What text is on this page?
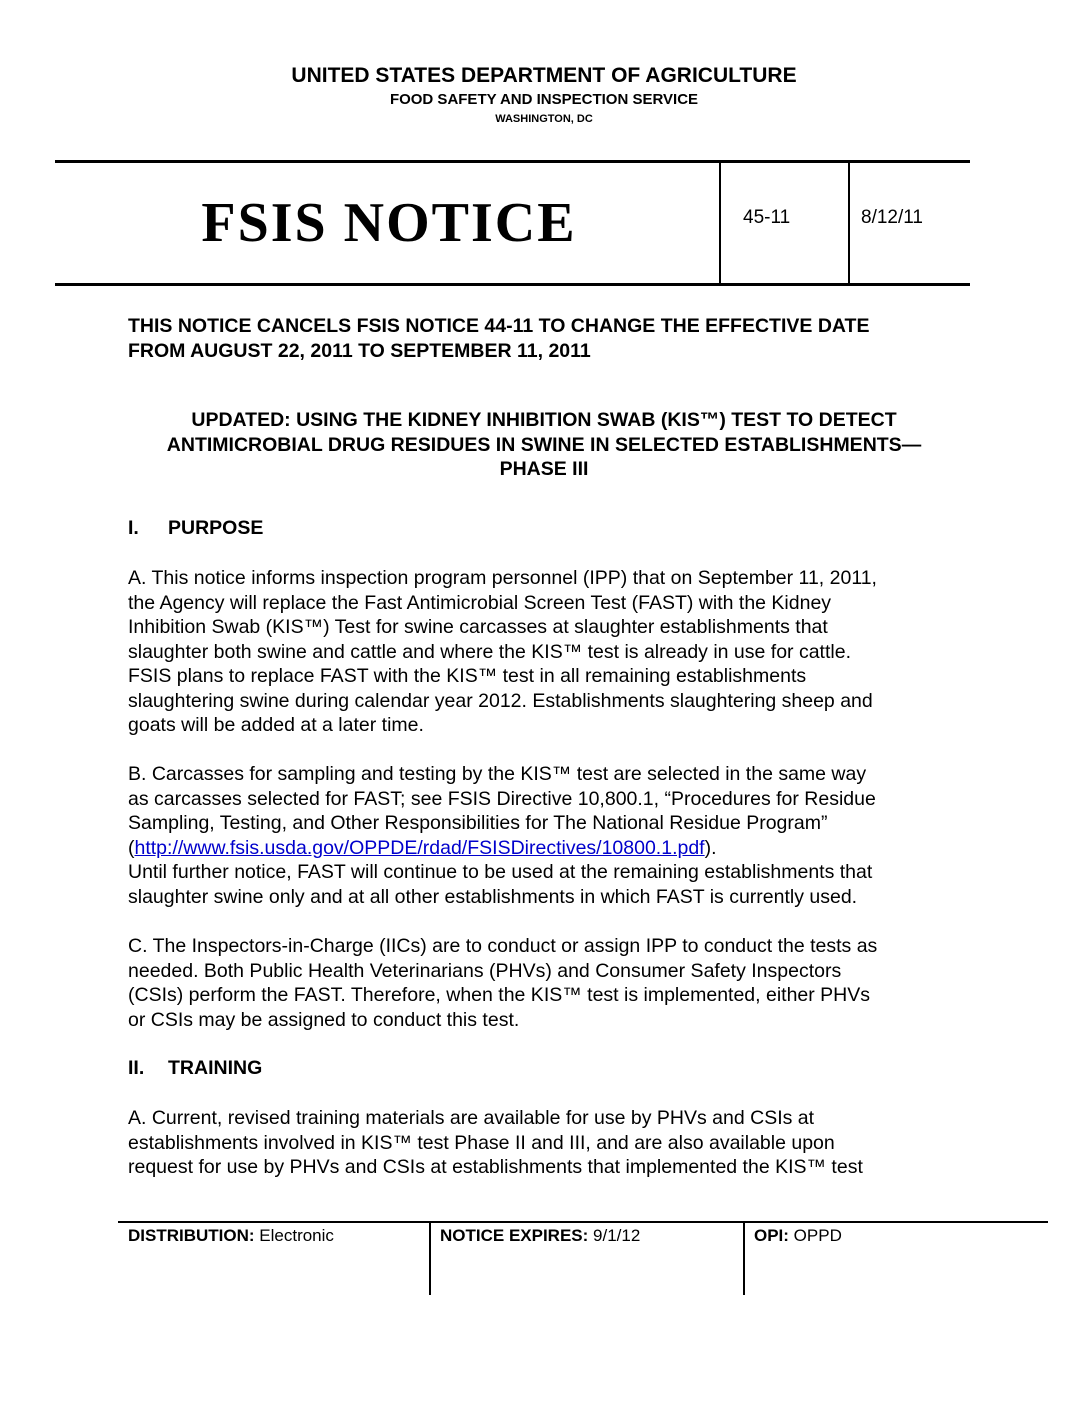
UNITED STATES DEPARTMENT OF AGRICULTURE
FOOD SAFETY AND INSPECTION SERVICE
WASHINGTON, DC
FSIS NOTICE	45-11	8/12/11
THIS NOTICE CANCELS FSIS NOTICE 44-11 TO CHANGE THE EFFECTIVE DATE
FROM AUGUST 22, 2011 TO SEPTEMBER 11, 2011
UPDATED: USING THE KIDNEY INHIBITION SWAB (KIS™) TEST TO DETECT
ANTIMICROBIAL DRUG RESIDUES IN SWINE IN SELECTED ESTABLISHMENTS—
PHASE III
I. PURPOSE
A. This notice informs inspection program personnel (IPP) that on September 11, 2011,
the Agency will replace the Fast Antimicrobial Screen Test (FAST) with the Kidney
Inhibition Swab (KIS™) Test for swine carcasses at slaughter establishments that
slaughter both swine and cattle and where the KIS™ test is already in use for cattle.
FSIS plans to replace FAST with the KIS™ test in all remaining establishments
slaughtering swine during calendar year 2012. Establishments slaughtering sheep and
goats will be added at a later time.
B. Carcasses for sampling and testing by the KIS™ test are selected in the same way
as carcasses selected for FAST; see FSIS Directive 10,800.1, “Procedures for Residue
Sampling, Testing, and Other Responsibilities for The National Residue Program”
(http://www.fsis.usda.gov/OPPDE/rdad/FSISDirectives/10800.1.pdf).
Until further notice, FAST will continue to be used at the remaining establishments that
slaughter swine only and at all other establishments in which FAST is currently used.
C. The Inspectors-in-Charge (IICs) are to conduct or assign IPP to conduct the tests as
needed. Both Public Health Veterinarians (PHVs) and Consumer Safety Inspectors
(CSIs) perform the FAST. Therefore, when the KIS™ test is implemented, either PHVs
or CSIs may be assigned to conduct this test.
II. TRAINING
A. Current, revised training materials are available for use by PHVs and CSIs at
establishments involved in KIS™ test Phase II and III, and are also available upon
request for use by PHVs and CSIs at establishments that implemented the KIS™ test
DISTRIBUTION: Electronic	NOTICE EXPIRES: 9/1/12	OPI: OPPD
